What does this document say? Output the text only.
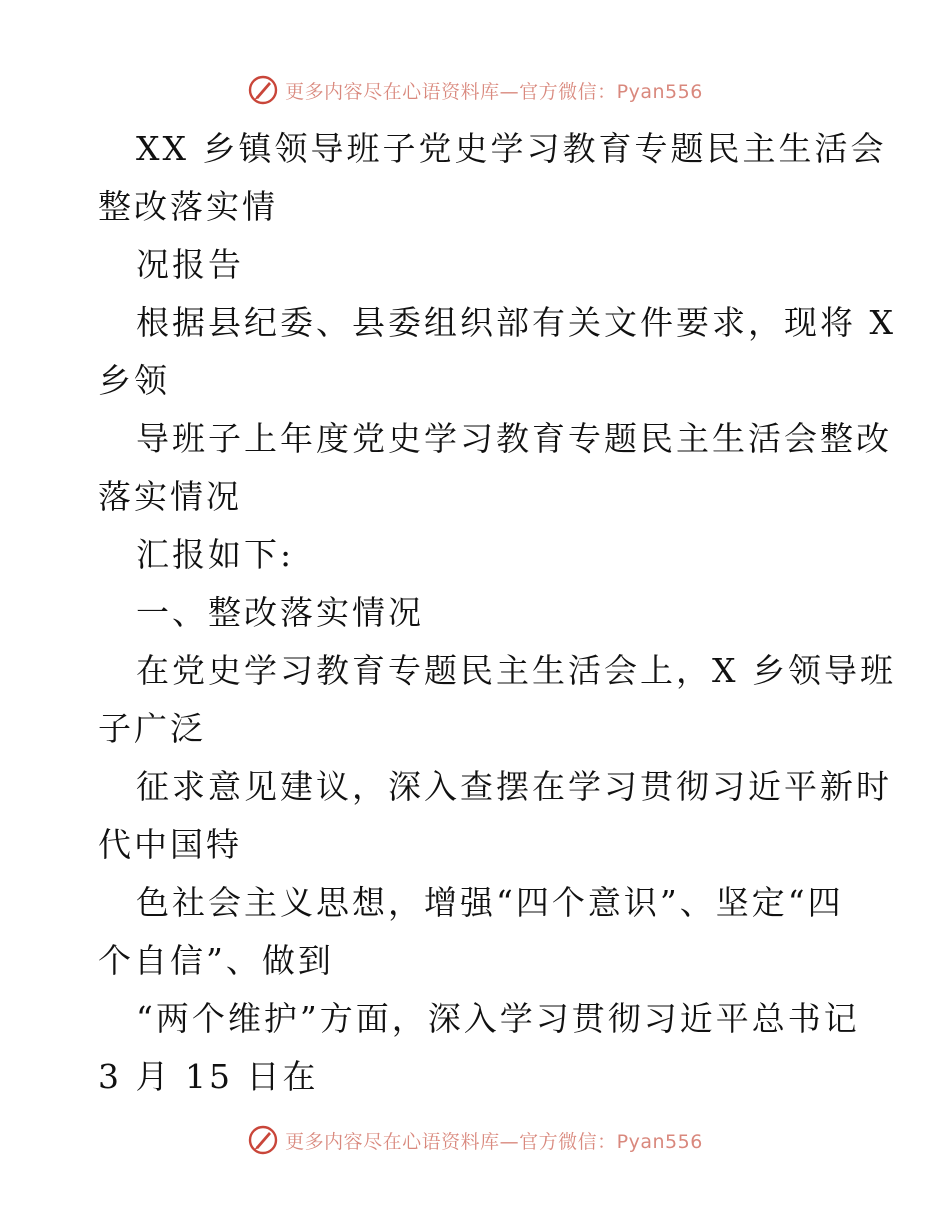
更多内容尽在心语资料库—官方微信：Pyan556
XX 乡镇领导班子党史学习教育专题民主生活会
整改落实情
况报告
根据县纪委、县委组织部有关文件要求，现将 X
乡领
导班子上年度党史学习教育专题民主生活会整改
落实情况
汇报如下:
一、整改落实情况
在党史学习教育专题民主生活会上，X 乡领导班
子广泛
征求意见建议，深入查摆在学习贯彻习近平新时
代中国特
色社会主义思想，增强“四个意识”、坚定“四
个自信”、做到
“两个维护”方面，深入学习贯彻习近平总书记
3 月 15 日在
更多内容尽在心语资料库—官方微信：Pyan556
